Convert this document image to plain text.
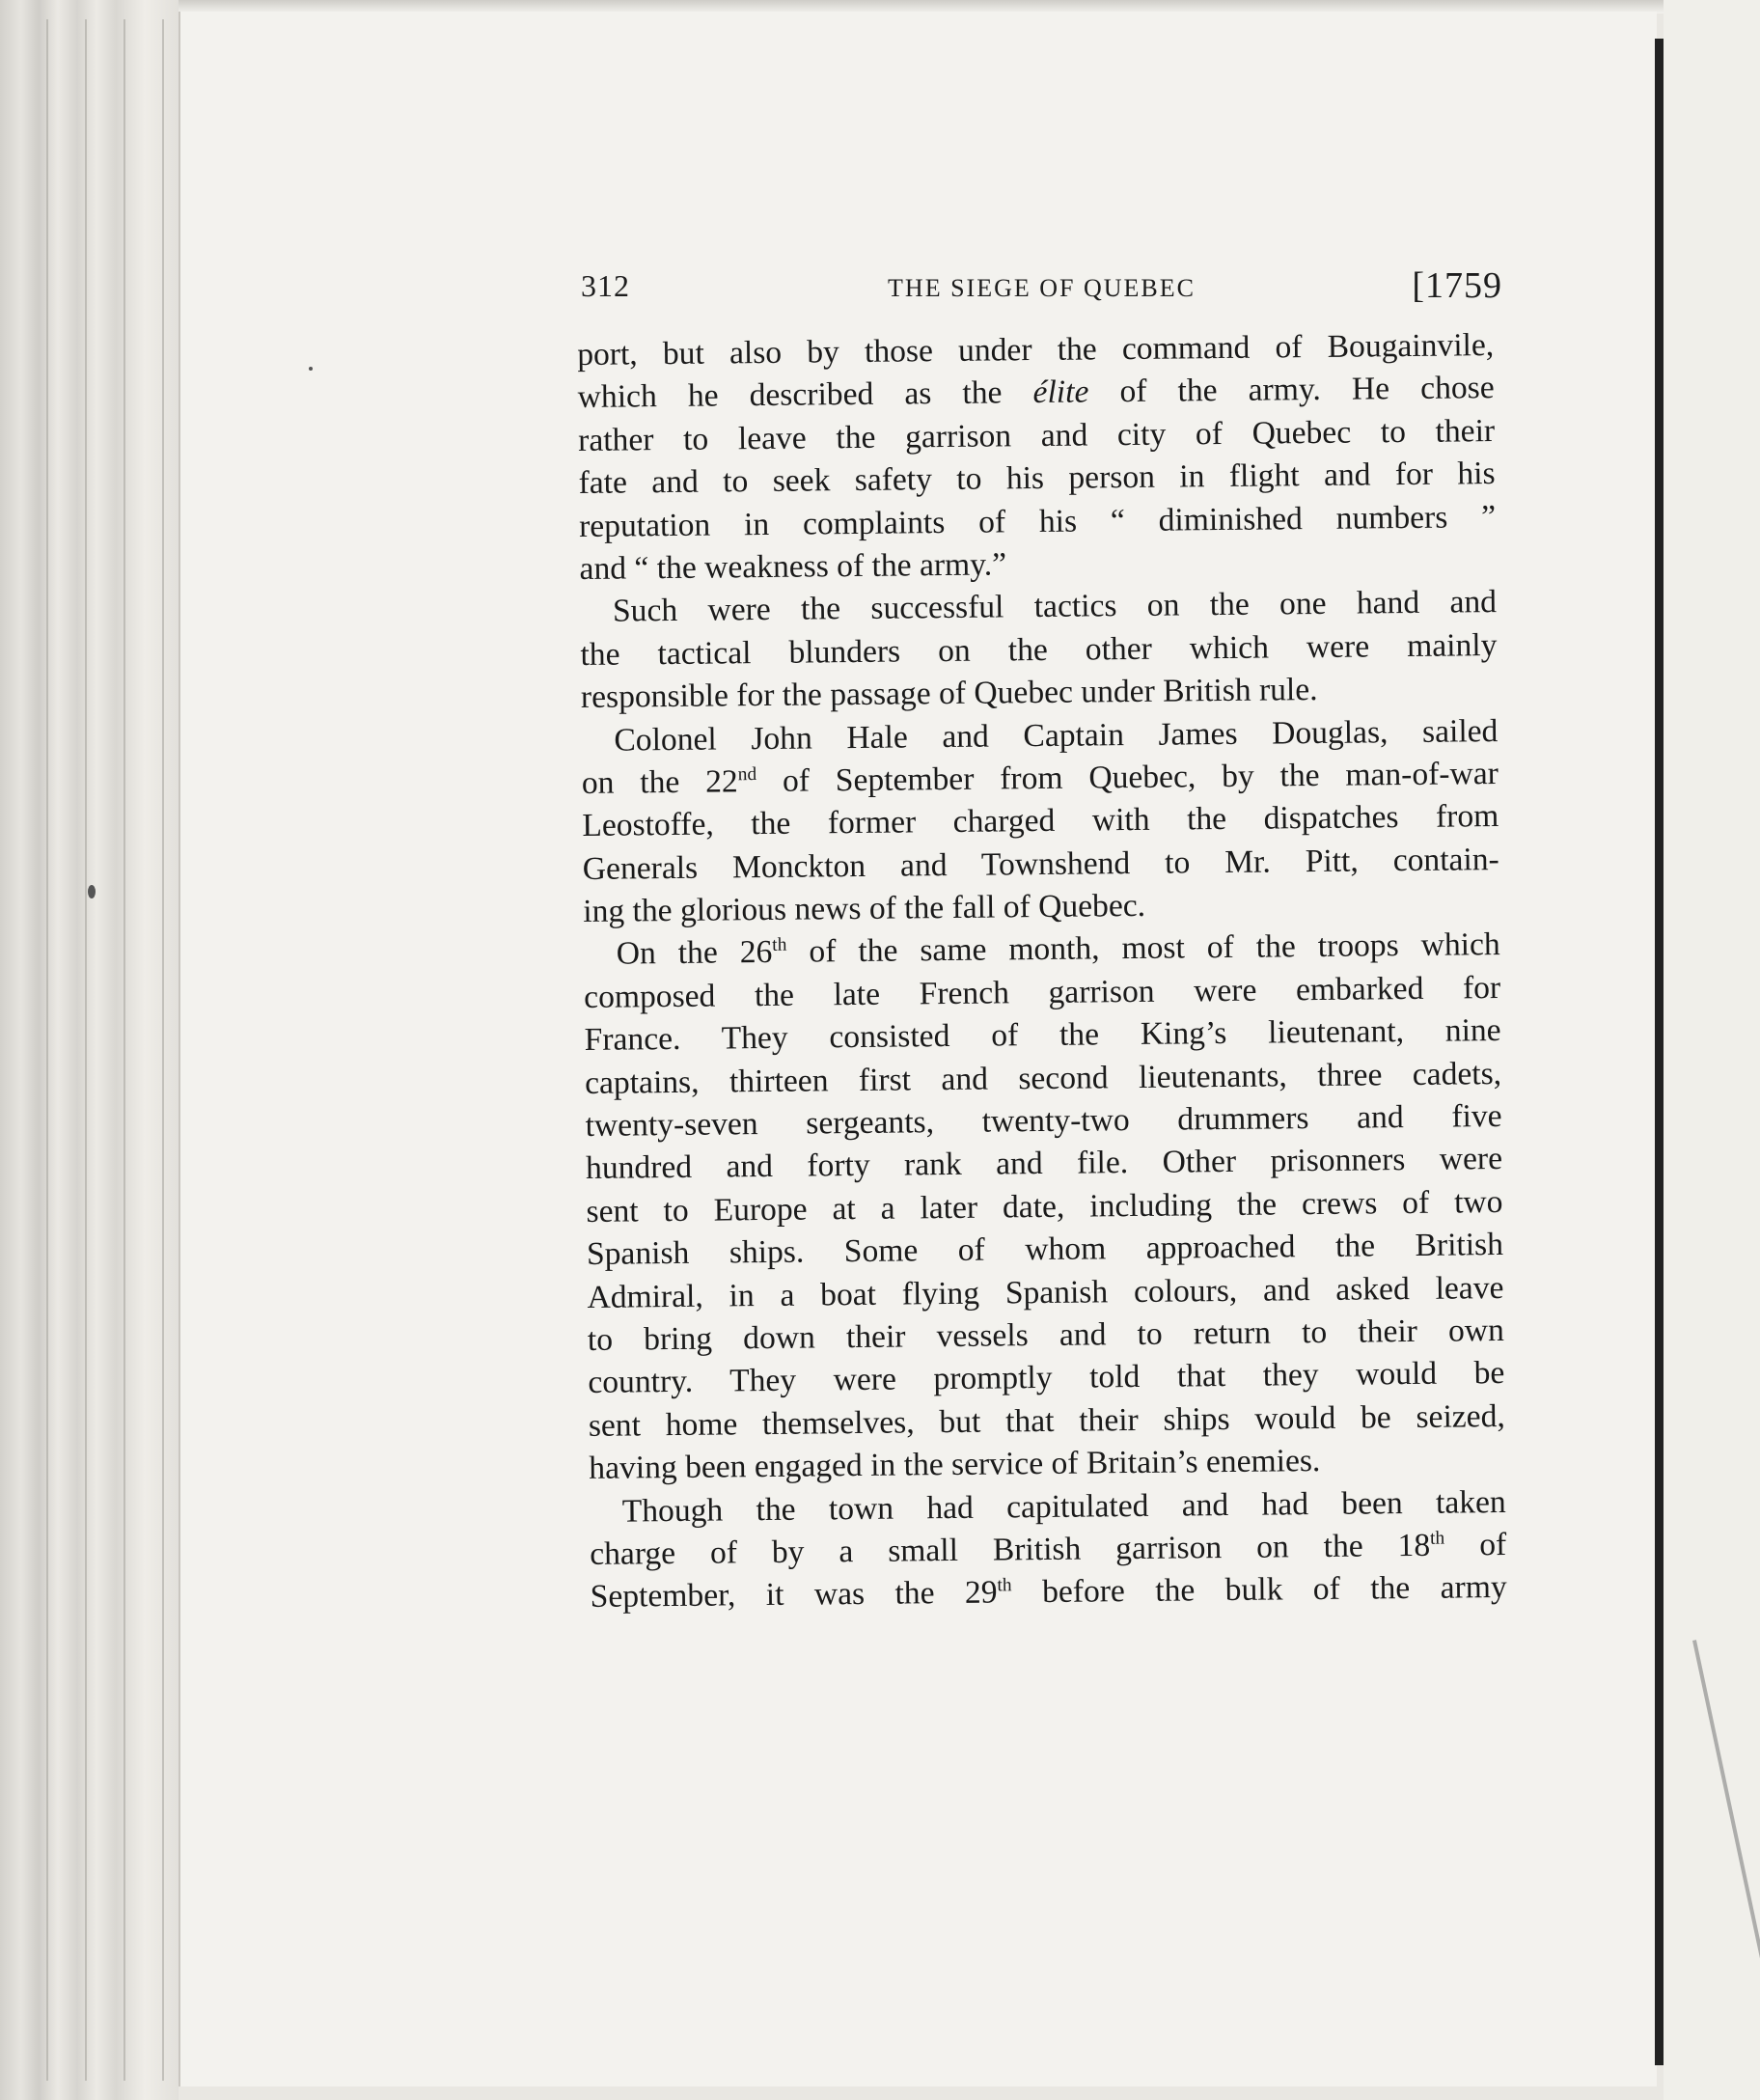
312	THE SIEGE OF QUEBEC	[1759
port, but also by those under the command of Bougainvile,
which he described as the élite of the army. He chose
rather to leave the garrison and city of Quebec to their
fate and to seek safety to his person in flight and for his
reputation in complaints of his “ diminished numbers ”
and “ the weakness of the army.”
Such were the successful tactics on the one hand and
the tactical blunders on the other which were mainly
responsible for the passage of Quebec under British rule.
Colonel John Hale and Captain James Douglas, sailed
on the 22nd of September from Quebec, by the man-of-war
Leostoffe, the former charged with the dispatches from
Generals Monckton and Townshend to Mr. Pitt, contain-
ing the glorious news of the fall of Quebec.
On the 26th of the same month, most of the troops which
composed the late French garrison were embarked for
France. They consisted of the King’s lieutenant, nine
captains, thirteen first and second lieutenants, three cadets,
twenty-seven sergeants, twenty-two drummers and five
hundred and forty rank and file. Other prisonners were
sent to Europe at a later date, including the crews of two
Spanish ships. Some of whom approached the British
Admiral, in a boat flying Spanish colours, and asked leave
to bring down their vessels and to return to their own
country. They were promptly told that they would be
sent home themselves, but that their ships would be seized,
having been engaged in the service of Britain’s enemies.
Though the town had capitulated and had been taken
charge of by a small British garrison on the 18th of
September, it was the 29th before the bulk of the army
